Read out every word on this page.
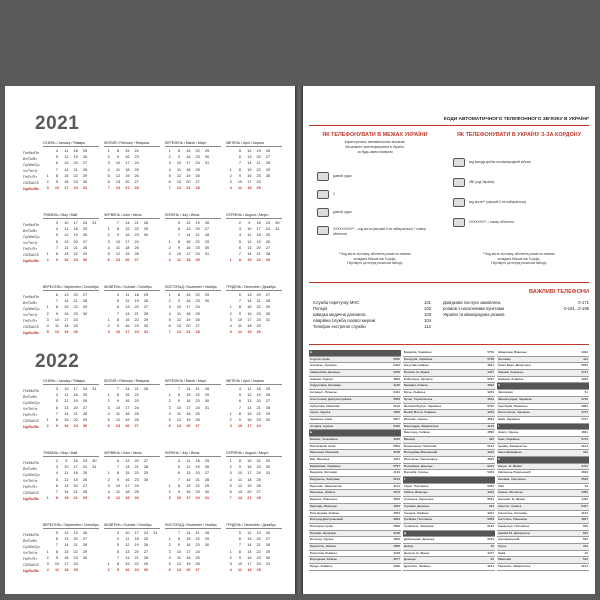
2021
Пн/Mo/Пн
Вт/Tu/Вт
Ср/We/Ср
Чт/Th/Чт
Пт/Fr/Пт
Сб/Sa/Сб
Нд/Su/Вс
СІЧЕНЬ / January / Январь
4	11	18	25
5	12	19	26
6	13	20	27
7	14	21	28
1	8	15	22	29
2	9	16	23	30
3	10	17	24	31
ЛЮТИЙ / February / Февраль
1	8	15	22
2	9	16	23
3	10	17	24
4	11	18	25
5	12	19	26
6	13	20	27
7	14	21	28
БЕРЕЗЕНЬ / March / Март
1	8	15	22	29
2	9	16	23	30
3	10	17	24	31
4	11	18	25
5	12	19	26
6	13	20	27
7	14	21	28
КВІТЕНЬ / April / Апрель
5	12	19	26
6	13	20	27
7	14	21	28
1	8	15	22	29
2	9	16	23	30
3	10	17	24
4	11	18	25
Пн/Mo/Пн
Вт/Tu/Вт
Ср/We/Ср
Чт/Th/Чт
Пт/Fr/Пт
Сб/Sa/Сб
Нд/Su/Вс
ТРАВЕНЬ / May / Май
3	10	17	24	31
4	11	18	25
5	12	19	26
6	13	20	27
7	14	21	28
1	8	15	22	29
2	9	16	23	30
ЧЕРВЕНЬ / June / Июнь
7	14	21	28
1	8	15	22	29
2	9	16	23	30
3	10	17	24
4	11	18	25
5	12	19	26
6	13	20	27
ЛИПЕНЬ / July / Июль
5	12	19	26
6	13	20	27
7	14	21	28
1	8	15	22	29
2	9	16	23	30
3	10	17	24	31
4	11	18	25
СЕРПЕНЬ / August / Август
2	9	16	23	30
3	10	17	24	31
4	11	18	25
5	12	19	26
6	13	20	27
7	14	21	28
1	8	15	22	29
Пн/Mo/Пн
Вт/Tu/Вт
Ср/We/Ср
Чт/Th/Чт
Пт/Fr/Пт
Сб/Sa/Сб
Нд/Su/Вс
ВЕРЕСЕНЬ / September / Сентябрь
6	13	20	27
7	14	21	28
1	8	15	22	29
2	9	16	23	30
3	10	17	24
4	11	18	25
5	12	19	26
ЖОВТЕНЬ / October / Октябрь
4	11	18	25
5	12	19	26
6	13	20	27
7	14	21	28
1	8	15	22	29
2	9	16	23	30
3	10	17	24	31
ЛИСТОПАД / November / Ноябрь
1	8	15	22	29
2	9	16	23	30
3	10	17	24
4	11	18	25
5	12	19	26
6	13	20	27
7	14	21	28
ГРУДЕНЬ / December / Декабрь
6	13	20	27
7	14	21	28
1	8	15	22	29
2	9	16	23	30
3	10	17	24	31
4	11	18	25
5	12	19	26
2022
Пн/Mo/Пн
Вт/Tu/Вт
Ср/We/Ср
Чт/Th/Чт
Пт/Fr/Пт
Сб/Sa/Сб
Нд/Su/Вс
СІЧЕНЬ / January / Январь
3	10	17	24	31
4	11	18	25
5	12	19	26
6	13	20	27
7	14	21	28
1	8	15	22	29
2	9	16	23	30
ЛЮТИЙ / February / Февраль
7	14	21	28
1	8	15	22
2	9	16	23
3	10	17	24
4	11	18	25
5	12	19	26
6	13	20	27
БЕРЕЗЕНЬ / March / Март
7	14	21	28
1	8	15	22	29
2	9	16	23	30
3	10	17	24	31
4	11	18	25
5	12	19	26
6	13	20	27
КВІТЕНЬ / April / Апрель
4	11	18	25
5	12	19	26
6	13	20	27
7	14	21	28
1	8	15	22	29
2	9	16	23	30
3	10	17	24
Пн/Mo/Пн
Вт/Tu/Вт
Ср/We/Ср
Чт/Th/Чт
Пт/Fr/Пт
Сб/Sa/Сб
Нд/Su/Вс
ТРАВЕНЬ / May / Май
2	9	16	23	30
3	10	17	24	31
4	11	18	25
5	12	19	26
6	13	20	27
7	14	21	28
1	8	15	22	29
ЧЕРВЕНЬ / June / Июнь
6	13	20	27
7	14	21	28
1	8	15	22	29
2	9	16	23	30
3	10	17	24
4	11	18	25
5	12	19	26
ЛИПЕНЬ / July / Июль
4	11	18	25
5	12	19	26
6	13	20	27
7	14	21	28
1	8	15	22	29
2	9	16	23	30
3	10	17	24	31
СЕРПЕНЬ / August / Август
1	8	15	22	29
2	9	16	23	30
3	10	17	24	31
4	11	18	25
5	12	19	26
6	13	20	27
7	14	21	28
Пн/Mo/Пн
Вт/Tu/Вт
Ср/We/Ср
Чт/Th/Чт
Пт/Fr/Пт
Сб/Sa/Сб
Нд/Su/Вс
ВЕРЕСЕНЬ / September / Сентябрь
5	12	19	26
6	13	20	27
7	14	21	28
1	8	15	22	29
2	9	16	23	30
3	10	17	24
4	11	18	25
ЖОВТЕНЬ / October / Октябрь
3	10	17	24	31
4	11	18	25
5	12	19	26
6	13	20	27
7	14	21	28
1	8	15	22	29
2	9	16	23	30
ЛИСТОПАД / November / Ноябрь
7	14	21	28
1	8	15	22	29
2	9	16	23	30
3	10	17	24
4	11	18	25
5	12	19	26
6	13	20	27
ГРУДЕНЬ / December / Декабрь
5	12	19	26
6	13	20	27
7	14	21	28
1	8	15	22	29
2	9	16	23	30
3	10	17	24	31
4	11	18	25
КОДИ АВТОМАТИЧНОГО ТЕЛЕФОННОГО ЗВ'ЯЗКУ В УКРАЇНІ*
ЯК ТЕЛЕФОНУВАТИ В МЕЖАХ УКРАЇНИ
Користуючись автоматичним зв'язком,
Ви можете зателефонувати в Україні,
за будь-яким номером
довгий гудок
0
довгий гудок
XXXXXXXXX** – код міста (перший 0 не набирається) + номер абонента
**Код міста та номер абонента разом не повинні
складати більше ніж 9 цифр.
Перевірте це перед початком набору.
ЯК ТЕЛЕФОНУВАТИ В УКРАЇНУ З-ЗА КОРДОНУ
код виходу країни на міжнародний зв'язок
380 (код України)
код міста** (перший 0 не набирається)
XXXXXXX** = номер абонента
**Код міста та номер абонента разом не повинні
складати більше ніж 9 цифр.
Перевірте це перед початком набору.
ВАЖЛИВІ ТЕЛЕФОНИ
Служба порятунку МНС	101
Поліція	102
Швидка медична допомога	103
Аварійна служба газової мережі	104
Телефон екстреної служби	112
Довідкова послуга замовлень	0-171
розмов з населеними пунктами	0-191...0-195
України та міжнародних розмов
А
Алушта, Крим	6560
Алчевськ, Луганськ.	6442
Амвросіївка, Донецьк.	6259
Ананьїв, Одеськ.	4863
Андрушівка, Житомир.	4136
Антрацит, Луганськ.	6431
Апостолове, Дніпропетровськ.	5656
Арбузинка, Миколаїв.	5132
Арциз, Одеськ.	4845
Армянськ, Крим	6567
Ахтирка, Сумськ.	5446
Б
Бахмач, Чернігівськ.	4635
Бахчисарай, Крим	6554
Баштанка, Миколаїв.	5158
Бар, Вінницьк.	4341
Барвінкове, Харківськ.	5757
Бердичів, Житомир.	4143
Бердянськ, Запоріжж.	6153
Берегове, Закарпатськ.	3141
Березань, Київськ.	4576
Березне, Рівненськ.	3653
Бершадь, Вінницьк.	4352
Біла Церква, Київськ.	4563
Білгород-Дністровський	4849
Білогірськ, Крим	6559
Більмак, Запоріжж.	6138
Болград, Одеськ.	4846
Бориспіль, Київськ.	4595
Борислав, Львівськ.	3248
Бородянка, Київськ.	4577
Броди, Львівськ.	3266
Бердичів, Харківськ.	5752
Богодухів, Харківськ.	5758
Богуслав, Київськ.	4561
Болехів, Ів.-Франк.	3437
Бобринець, Кіровогр.	5257
Бровари, Київськ.	4594
Буськ, Львівськ.	3264
Бучач, Тернопільськ.	3544
Великий Бурлук, Харківськ.	5752
Великі Мости, Львівськ.	3252
Вилкове, Одеськ.	4843
Виноградів, Закарпатськ.	3143
Вишгород, Київськ.	4596
Вінниця	432
Вознесенськ, Миколаїв.	5134
Володимир-Волинський	3342
Волочиськ, Хмельницьк.	3845
Волноваха, Донецьк.	6244
Ворожба, Сумськ.	5453
Г
Гадяч, Полтавськ.	5354
Гайсин, Вінницьк.	4334
Генічеськ, Херсонськ.	5534
Горлівка, Донецьк.	624
Городок, Львівськ.	3231
Гребінка, Полтавськ.	5359
Гуляйполе, Запоріжж.	6145
Д
Дебальцеве, Донецьк.	6249
Дніпро	56
Долина, Ів.-Франк.	3477
Донецьк	62
Дрогобич, Львівськ.	3244
Жмеринка, Вінницьк.	4332
Житомир	412
Жовті Води, Дніпропетр.	5652
Жашків, Черкаськ.	4747
Жидачів, Львівськ.	3239
З
Запоріжжя	61
Звенигородка, Черкаськ.	4740
Здолбунів, Рівненськ.	3652
Золотоноша, Черкаськ.	4737
Зміїв, Харківськ.	5747
І
Ізмаїл, Одеськ.	4841
Ізюм, Харківськ.	5743
Іршава, Закарпатськ.	3144
Івано-Франківськ	342
К
Калуш, Ів.-Франк.	3472
Кам'янець-Подільський	3849
Каховка, Херсонськ.	5536
Київ	44
Ковель, Волинськ.	3352
Коломия, Ів.-Франк.	3433
Конотоп, Сумськ.	5447
Коростень, Житомир.	4142
Костопіль, Рівненськ.	3657
Кременчук, Полтавськ.	536
Кривий Ріг, Дніпропетр.	564
Кропивницький	522
Луцьк	332
Львів	32
Миколаїв	512
Мукачево, Закарпатськ.	3131
